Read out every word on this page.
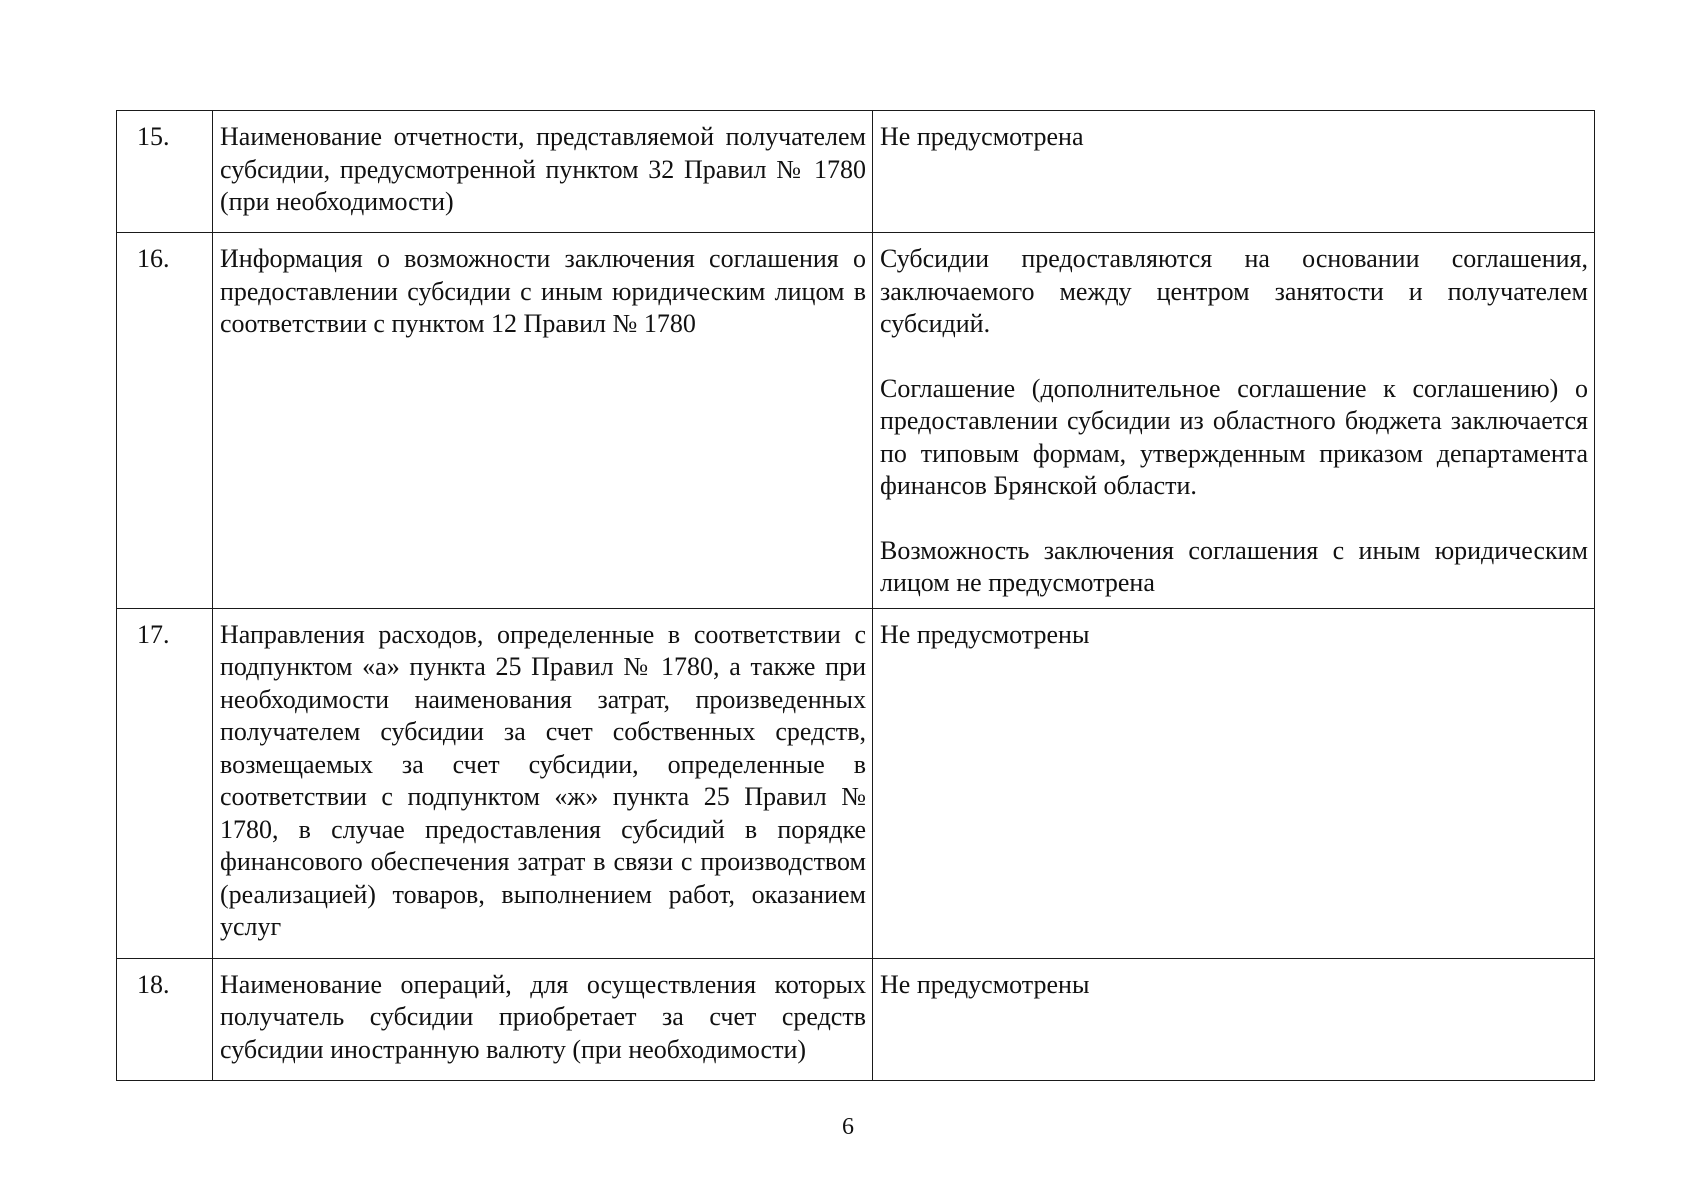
15.	Наименование отчетности, представляемой получателем субсидии, предусмотренной пунктом 32 Правил № 1780 (при необходимости)	Не предусмотрена

16.	Информация о возможности заключения соглашения о предоставлении субсидии с иным юридическим лицом в соответствии с пунктом 12 Правил № 1780	Субсидии предоставляются на основании соглашения, заключаемого между центром занятости и получателем субсидий.
Соглашение (дополнительное соглашение к соглашению) о предоставлении субсидии из областного бюджета заключается по типовым формам, утвержденным приказом департамента финансов Брянской области.
Возможность заключения соглашения с иным юридическим лицом не предусмотрена

17.	Направления расходов, определенные в соответствии с подпунктом «а» пункта 25 Правил № 1780, а также при необходимости наименования затрат, произведенных получателем субсидии за счет собственных средств, возмещаемых за счет субсидии, определенные в соответствии с подпунктом «ж» пункта 25 Правил № 1780, в случае предоставления субсидий в порядке финансового обеспечения затрат в связи с производством (реализацией) товаров, выполнением работ, оказанием услуг	Не предусмотрены

18.	Наименование операций, для осуществления которых получатель субсидии приобретает за счет средств субсидии иностранную валюту (при необходимости)	Не предусмотрены
6
